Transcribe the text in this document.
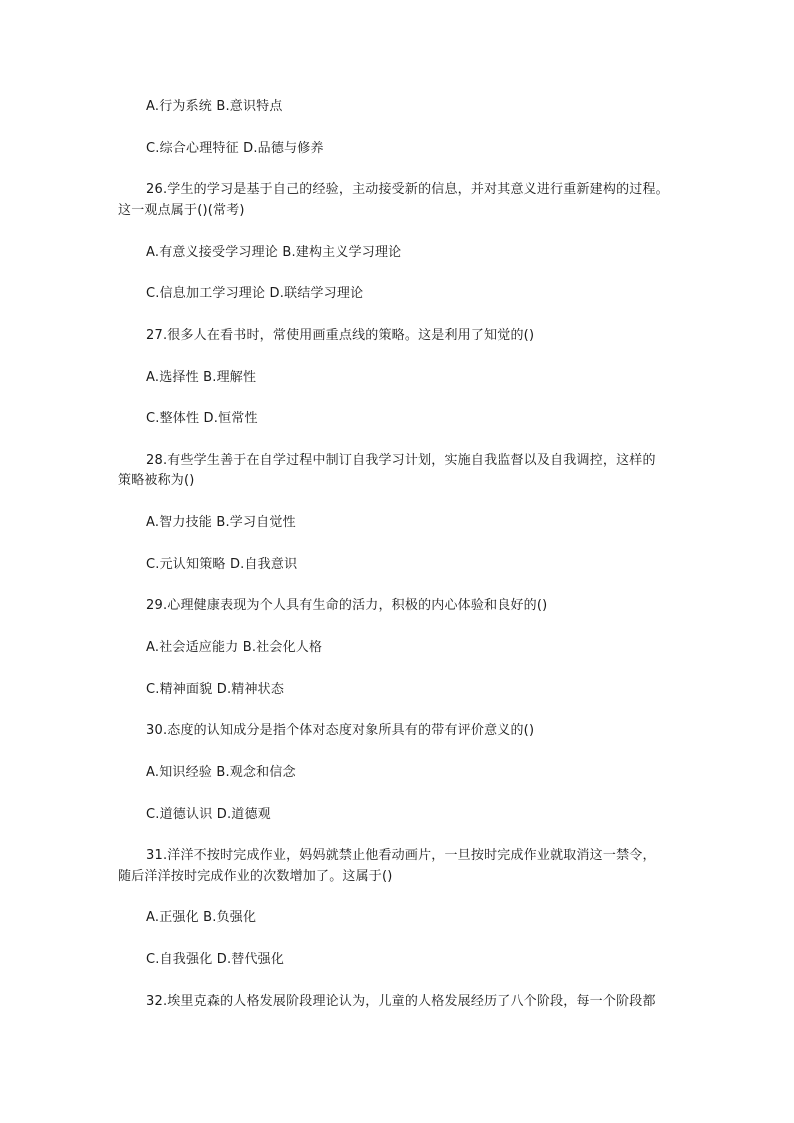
A.行为系统 B.意识特点
C.综合心理特征 D.品德与修养
26.学生的学习是基于自己的经验，主动接受新的信息，并对其意义进行重新建构的过程。
这一观点属于()(常考)
A.有意义接受学习理论 B.建构主义学习理论
C.信息加工学习理论 D.联结学习理论
27.很多人在看书时，常使用画重点线的策略。这是利用了知觉的()
A.选择性 B.理解性
C.整体性 D.恒常性
28.有些学生善于在自学过程中制订自我学习计划，实施自我监督以及自我调控，这样的
策略被称为()
A.智力技能 B.学习自觉性
C.元认知策略 D.自我意识
29.心理健康表现为个人具有生命的活力，积极的内心体验和良好的()
A.社会适应能力 B.社会化人格
C.精神面貌 D.精神状态
30.态度的认知成分是指个体对态度对象所具有的带有评价意义的()
A.知识经验 B.观念和信念
C.道德认识 D.道德观
31.洋洋不按时完成作业，妈妈就禁止他看动画片，一旦按时完成作业就取消这一禁令，
随后洋洋按时完成作业的次数增加了。这属于()
A.正强化 B.负强化
C.自我强化 D.替代强化
32.埃里克森的人格发展阶段理论认为，儿童的人格发展经历了八个阶段，每一个阶段都
